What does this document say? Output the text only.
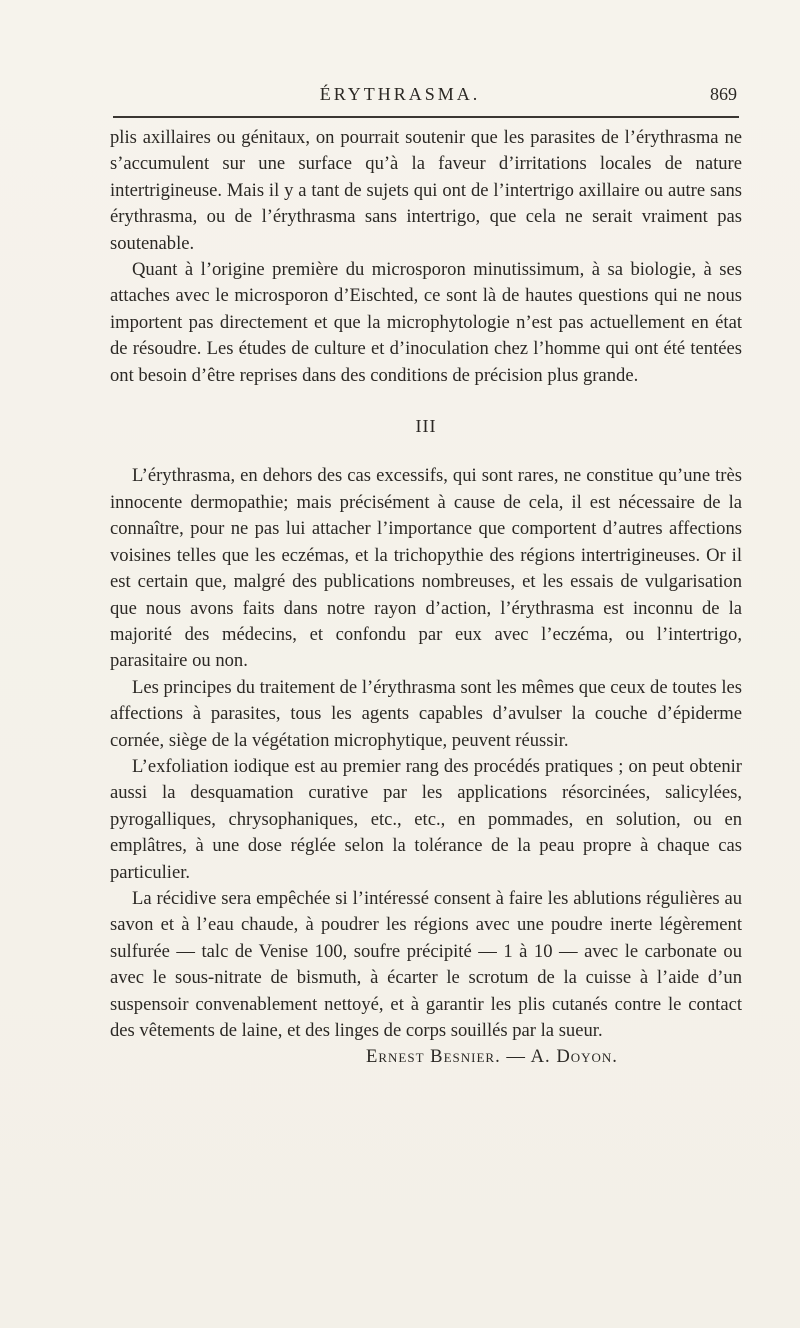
ÉRYTHRASMA.	869

plis axillaires ou génitaux, on pourrait soutenir que les parasites de l’érythrasma ne s’accumulent sur une surface qu’à la faveur d’irritations locales de nature intertrigineuse. Mais il y a tant de sujets qui ont de l’intertrigo axillaire ou autre sans érythrasma, ou de l’érythrasma sans intertrigo, que cela ne serait vraiment pas soutenable.

Quant à l’origine première du microsporon minutissimum, à sa biologie, à ses attaches avec le microsporon d’Eischted, ce sont là de hautes questions qui ne nous importent pas directement et que la microphytologie n’est pas actuellement en état de résoudre. Les études de culture et d’inoculation chez l’homme qui ont été tentées ont besoin d’être reprises dans des conditions de précision plus grande.

III

L’érythrasma, en dehors des cas excessifs, qui sont rares, ne constitue qu’une très innocente dermopathie; mais précisément à cause de cela, il est nécessaire de la connaître, pour ne pas lui attacher l’importance que comportent d’autres affections voisines telles que les eczémas, et la trichopythie des régions intertrigineuses. Or il est certain que, malgré des publications nombreuses, et les essais de vulgarisation que nous avons faits dans notre rayon d’action, l’érythrasma est inconnu de la majorité des médecins, et confondu par eux avec l’eczéma, ou l’intertrigo, parasitaire ou non.

Les principes du traitement de l’érythrasma sont les mêmes que ceux de toutes les affections à parasites, tous les agents capables d’avulser la couche d’épiderme cornée, siège de la végétation microphytique, peuvent réussir.

L’exfoliation iodique est au premier rang des procédés pratiques ; on peut obtenir aussi la desquamation curative par les applications résorcinées, salicylées, pyrogalliques, chrysophaniques, etc., etc., en pommades, en solution, ou en emplâtres, à une dose réglée selon la tolérance de la peau propre à chaque cas particulier.

La récidive sera empêchée si l’intéressé consent à faire les ablutions régulières au savon et à l’eau chaude, à poudrer les régions avec une poudre inerte légèrement sulfurée — talc de Venise 100, soufre précipité — 1 à 10 — avec le carbonate ou avec le sous-nitrate de bismuth, à écarter le scrotum de la cuisse à l’aide d’un suspensoir convenablement nettoyé, et à garantir les plis cutanés contre le contact des vêtements de laine, et des linges de corps souillés par la sueur.

Ernest Besnier. — A. Doyon.
